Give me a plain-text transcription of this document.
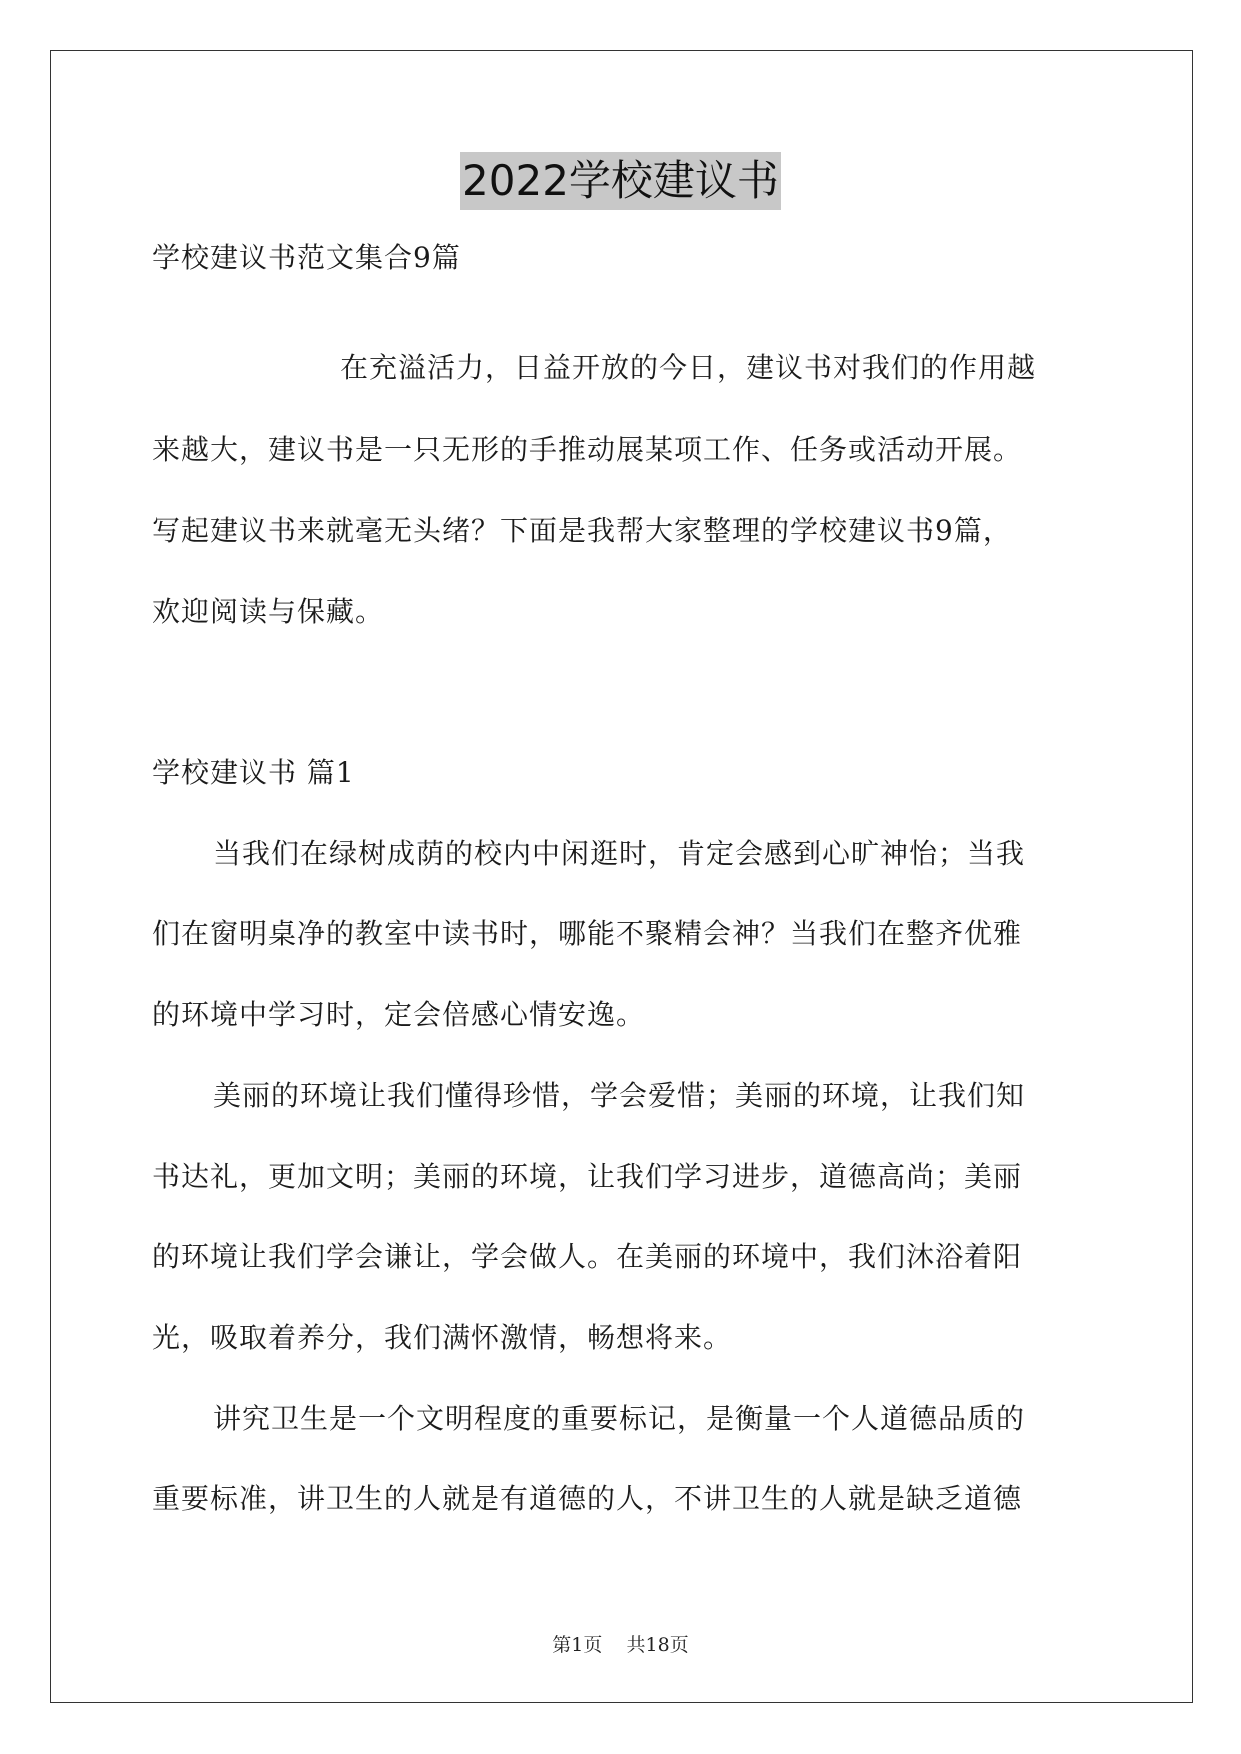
2022学校建议书
学校建议书范文集合9篇
在充溢活力，日益开放的今日，建议书对我们的作用越
来越大，建议书是一只无形的手推动展某项工作、任务或活动开展。
写起建议书来就毫无头绪？下面是我帮大家整理的学校建议书9篇，
欢迎阅读与保藏。
学校建议书 篇1
当我们在绿树成荫的校内中闲逛时，肯定会感到心旷神怡；当我
们在窗明桌净的教室中读书时，哪能不聚精会神？当我们在整齐优雅
的环境中学习时，定会倍感心情安逸。
美丽的环境让我们懂得珍惜，学会爱惜；美丽的环境，让我们知
书达礼，更加文明；美丽的环境，让我们学习进步，道德高尚；美丽
的环境让我们学会谦让，学会做人。在美丽的环境中，我们沐浴着阳
光，吸取着养分，我们满怀激情，畅想将来。
讲究卫生是一个文明程度的重要标记，是衡量一个人道德品质的
重要标准，讲卫生的人就是有道德的人，不讲卫生的人就是缺乏道德
第1页 共18页
